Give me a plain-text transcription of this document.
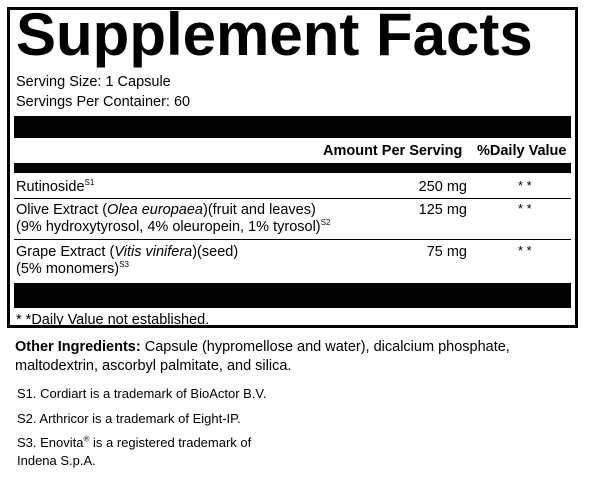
Supplement Facts
Serving Size: 1 Capsule
Servings Per Container: 60
Amount Per Serving %Daily Value
Rutinoside$^{S1}$	250 mg	* *
Olive Extract (Olea europaea)(fruit and leaves)
(9% hydroxytyrosol, 4% oleuropein, 1% tyrosol)$^{S2}$
125 mg	* *
Grape Extract (Vitis vinifera)(seed)
(5% monomers)$^{S3}$
75 mg	* *
* *Daily Value not established.
Other Ingredients: Capsule (hypromellose and water), dicalcium phosphate, maltodextrin, ascorbyl palmitate, and silica.
S1. Cordiart is a trademark of BioActor B.V.
S2. Arthricor is a trademark of Eight-IP.
S3. Enovita® is a registered trademark of
Indena S.p.A.
